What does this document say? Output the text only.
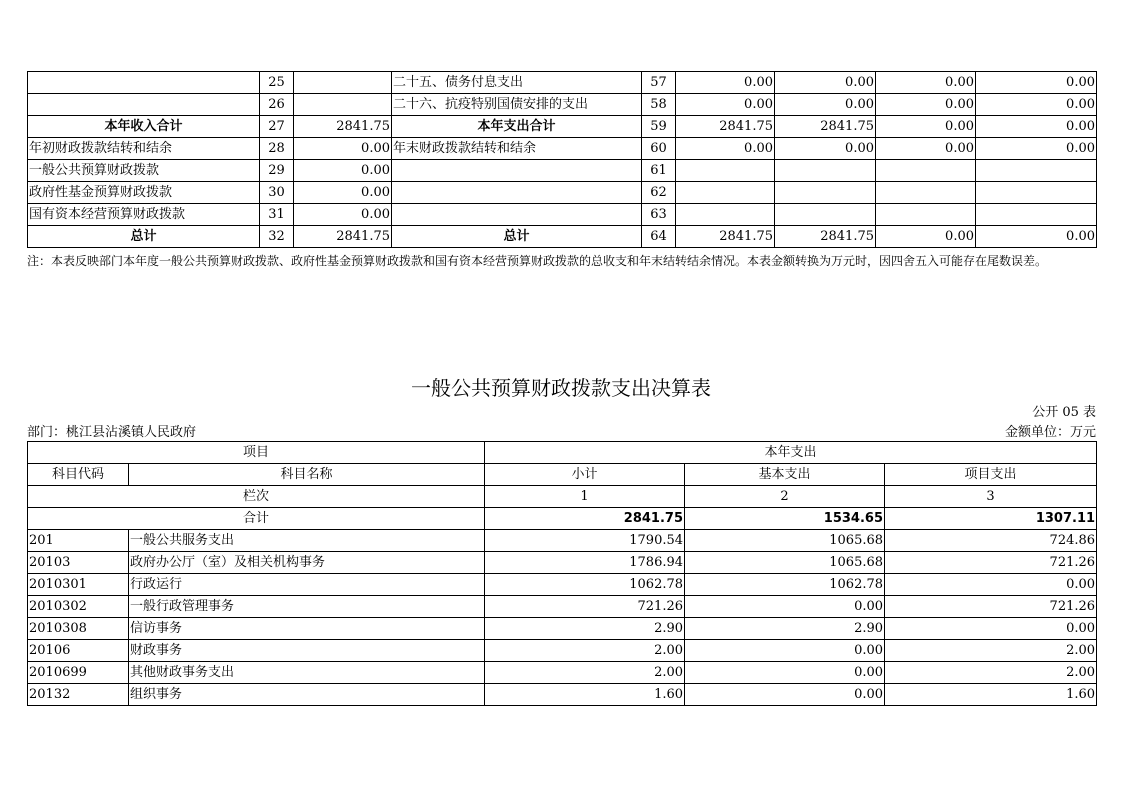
	25		二十五、债务付息支出	57	0.00	0.00	0.00	0.00
	26		二十六、抗疫特别国债安排的支出	58	0.00	0.00	0.00	0.00
本年收入合计	27	2841.75	本年支出合计	59	2841.75	2841.75	0.00	0.00
年初财政拨款结转和结余	28	0.00	年末财政拨款结转和结余	60	0.00	0.00	0.00	0.00
一般公共预算财政拨款	29	0.00		61				
政府性基金预算财政拨款	30	0.00		62				
国有资本经营预算财政拨款	31	0.00		63				
总计	32	2841.75	总计	64	2841.75	2841.75	0.00	0.00
注：本表反映部门本年度一般公共预算财政拨款、政府性基金预算财政拨款和国有资本经营预算财政拨款的总收支和年末结转结余情况。本表金额转换为万元时，因四舍五入可能存在尾数误差。
一般公共预算财政拨款支出决算表
公开 05 表
部门：桃江县沾溪镇人民政府	金额单位：万元
项目		本年支出		
科目代码	科目名称	小计	基本支出	项目支出
栏次		1	2	3
合计		2841.75	1534.65	1307.11
201	一般公共服务支出	1790.54	1065.68	724.86
20103	政府办公厅（室）及相关机构事务	1786.94	1065.68	721.26
2010301	行政运行	1062.78	1062.78	0.00
2010302	一般行政管理事务	721.26	0.00	721.26
2010308	信访事务	2.90	2.90	0.00
20106	财政事务	2.00	0.00	2.00
2010699	其他财政事务支出	2.00	0.00	2.00
20132	组织事务	1.60	0.00	1.60
